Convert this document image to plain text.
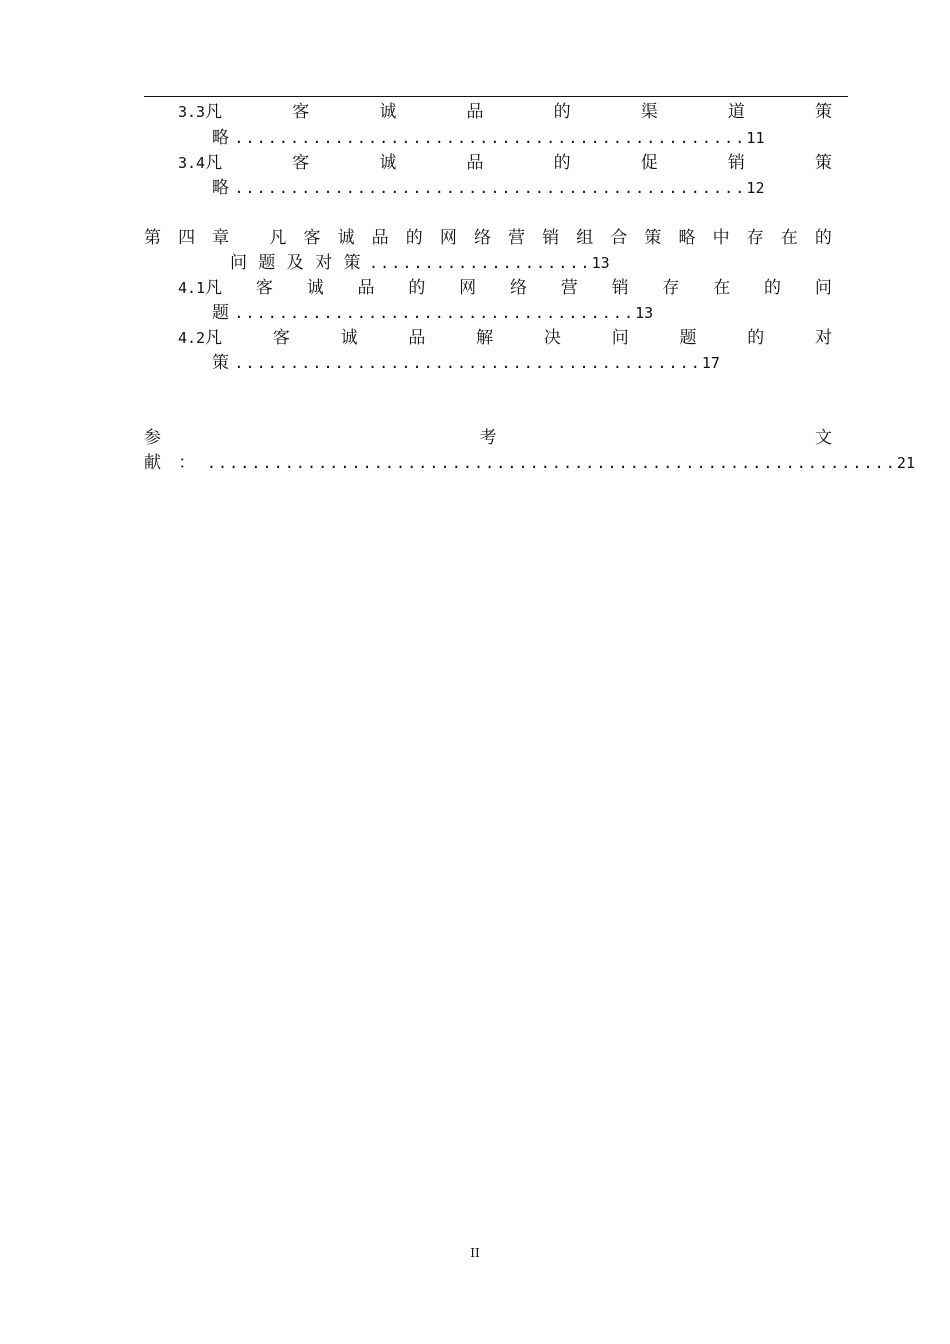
3.3凡	客	诚	品	的	渠	道	策
略 ..............................................11
3.4凡	客	诚	品	的	促	销	策
略 ..............................................12
第 四 章 凡 客 诚 品 的 网 络 营 销 组 合 策 略 中 存 在 的
问 题 及 对 策 ....................13
4.1凡 客 诚 品 的 网 络 营 销 存 在 的 问
题 ....................................13
4.2凡	客	诚	品	解	决	问	题	的	对
策 ..........................................17
参	考	文
献 ： ..............................................................21
II
